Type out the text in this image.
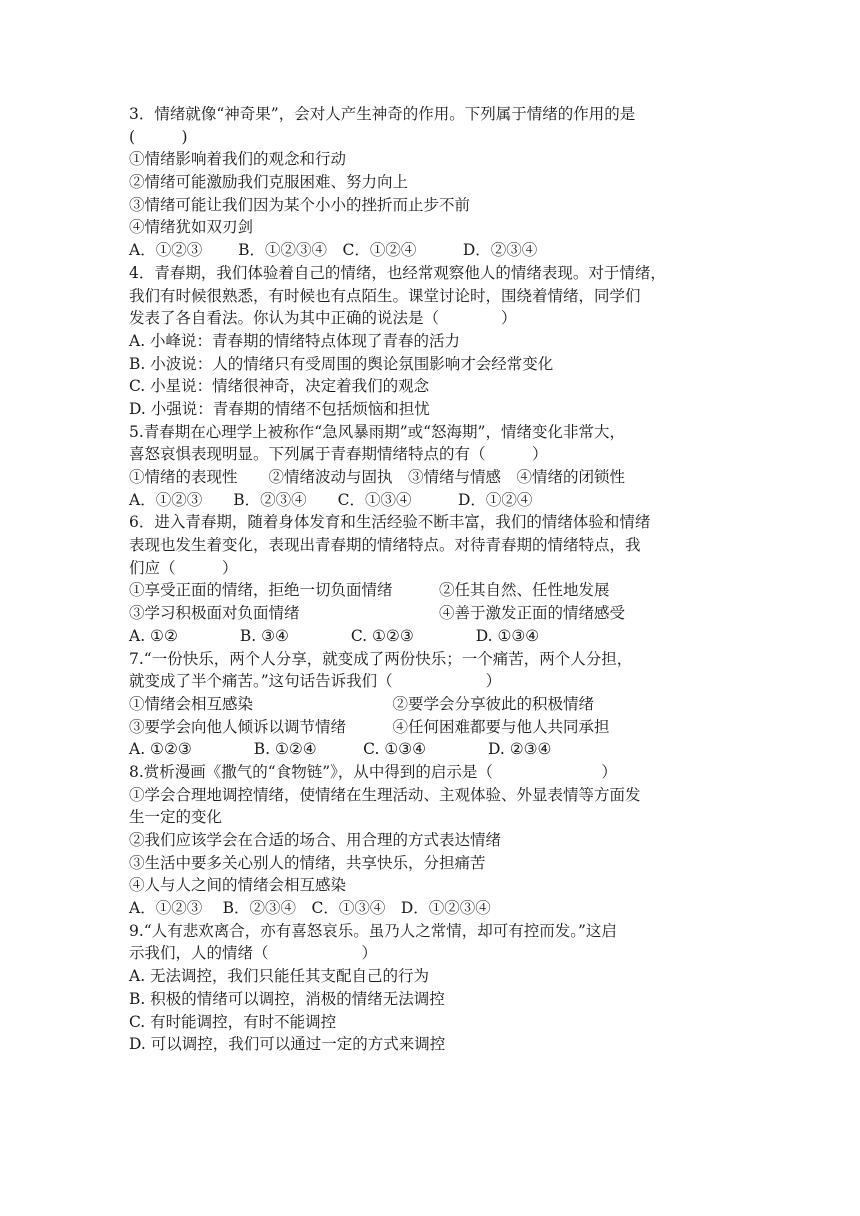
3．情绪就像“神奇果”，会对人产生神奇的作用。下列属于情绪的作用的是
(　　　)
①情绪影响着我们的观念和行动
②情绪可能激励我们克服困难、努力向上
③情绪可能让我们因为某个小小的挫折而止步不前
④情绪犹如双刃剑
A．①②③　　 B．①②③④　C．①②④　　　D．②③④
4．青春期，我们体验着自己的情绪，也经常观察他人的情绪表现。对于情绪，
我们有时候很熟悉，有时候也有点陌生。课堂讨论时，围绕着情绪，同学们
发表了各自看法。你认为其中正确的说法是（　　　　）
A. 小峰说：青春期的情绪特点体现了青春的活力
B. 小波说：人的情绪只有受周围的舆论氛围影响才会经常变化
C. 小星说：情绪很神奇，决定着我们的观念
D. 小强说：青春期的情绪不包括烦恼和担忧
5.青春期在心理学上被称作“急风暴雨期”或“怒海期”，情绪变化非常大，
喜怒哀惧表现明显。下列属于青春期情绪特点的有（　　　）
①情绪的表现性　　②情绪波动与固执　③情绪与情感　④情绪的闭锁性
A．①②③　　B．②③④　　C．①③④　　　D．①②④
6．进入青春期，随着身体发育和生活经验不断丰富，我们的情绪体验和情绪
表现也发生着变化，表现出青春期的情绪特点。对待青春期的情绪特点，我
们应（　　　）
①享受正面的情绪，拒绝一切负面情绪　　　②任其自然、任性地发展
③学习积极面对负面情绪　　　　　　　　　④善于激发正面的情绪感受
A. ①②　　　　B. ③④　　　　C. ①②③　　　　D. ①③④
7.“一份快乐，两个人分享，就变成了两份快乐；一个痛苦，两个人分担，
就变成了半个痛苦。”这句话告诉我们（　　　　　　）
①情绪会相互感染　　　　　　　　　②要学会分享彼此的积极情绪
③要学会向他人倾诉以调节情绪　　　④任何困难都要与他人共同承担
A. ①②③　　　　B. ①②④　　　C. ①③④　　　　D. ②③④
8.赏析漫画《撒气的“食物链”》，从中得到的启示是（　　　　　　　）
①学会合理地调控情绪，使情绪在生理活动、主观体验、外显表情等方面发
生一定的变化
②我们应该学会在合适的场合、用合理的方式表达情绪
③生活中要多关心别人的情绪，共享快乐，分担痛苦
④人与人之间的情绪会相互感染
A．①②③　 B．②③④　C．①③④　D．①②③④
9.“人有悲欢离合，亦有喜怒哀乐。虽乃人之常情，却可有控而发。”这启
示我们，人的情绪（　　　　　　）
A. 无法调控，我们只能任其支配自己的行为
B. 积极的情绪可以调控，消极的情绪无法调控
C. 有时能调控，有时不能调控
D. 可以调控，我们可以通过一定的方式来调控
